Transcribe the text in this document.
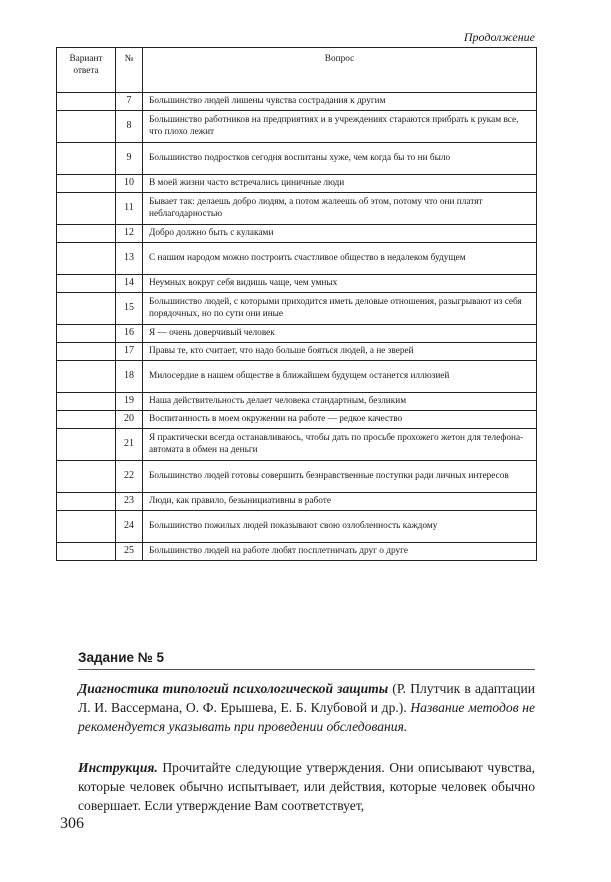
Продолжение
Вариант ответа	№	Вопрос
	7	Большинство людей лишены чувства сострадания к другим
	8	Большинство работников на предприятиях и в учреждениях стараются прибрать к рукам все, что плохо лежит
	9	Большинство подростков сегодня воспитаны хуже, чем когда бы то ни было
	10	В моей жизни часто встречались циничные люди
	11	Бывает так: делаешь добро людям, а потом жалеешь об этом, потому что они платят неблагодарностью
	12	Добро должно быть с кулаками
	13	С нашим народом можно построить счастливое общество в недалеком будущем
	14	Неумных вокруг себя видишь чаще, чем умных
	15	Большинство людей, с которыми приходится иметь деловые отношения, разыгрывают из себя порядочных, но по сути они иные
	16	Я — очень доверчивый человек
	17	Правы те, кто считает, что надо больше бояться людей, а не зверей
	18	Милосердие в нашем обществе в ближайшем будущем останется иллюзией
	19	Наша действительность делает человека стандартным, безликим
	20	Воспитанность в моем окружении на работе — редкое качество
	21	Я практически всегда останавливаюсь, чтобы дать по просьбе прохожего жетон для телефона-автомата в обмен на деньги
	22	Большинство людей готовы совершить безнравственные поступки ради личных интересов
	23	Люди, как правило, безынициативны в работе
	24	Большинство пожилых людей показывают свою озлобленность каждому
	25	Большинство людей на работе любят посплетничать друг о друге
Задание № 5

Диагностика типологий психологической защиты (Р. Плутчик в адаптации Л. И. Вассермана, О. Ф. Ерышева, Е. Б. Клубовой и др.). Название методов не рекомендуется указывать при проведении обследования.

Инструкция. Прочитайте следующие утверждения. Они описывают чувства, которые человек обычно испытывает, или действия, которые человек обычно совершает. Если утверждение Вам соответствует,

306
